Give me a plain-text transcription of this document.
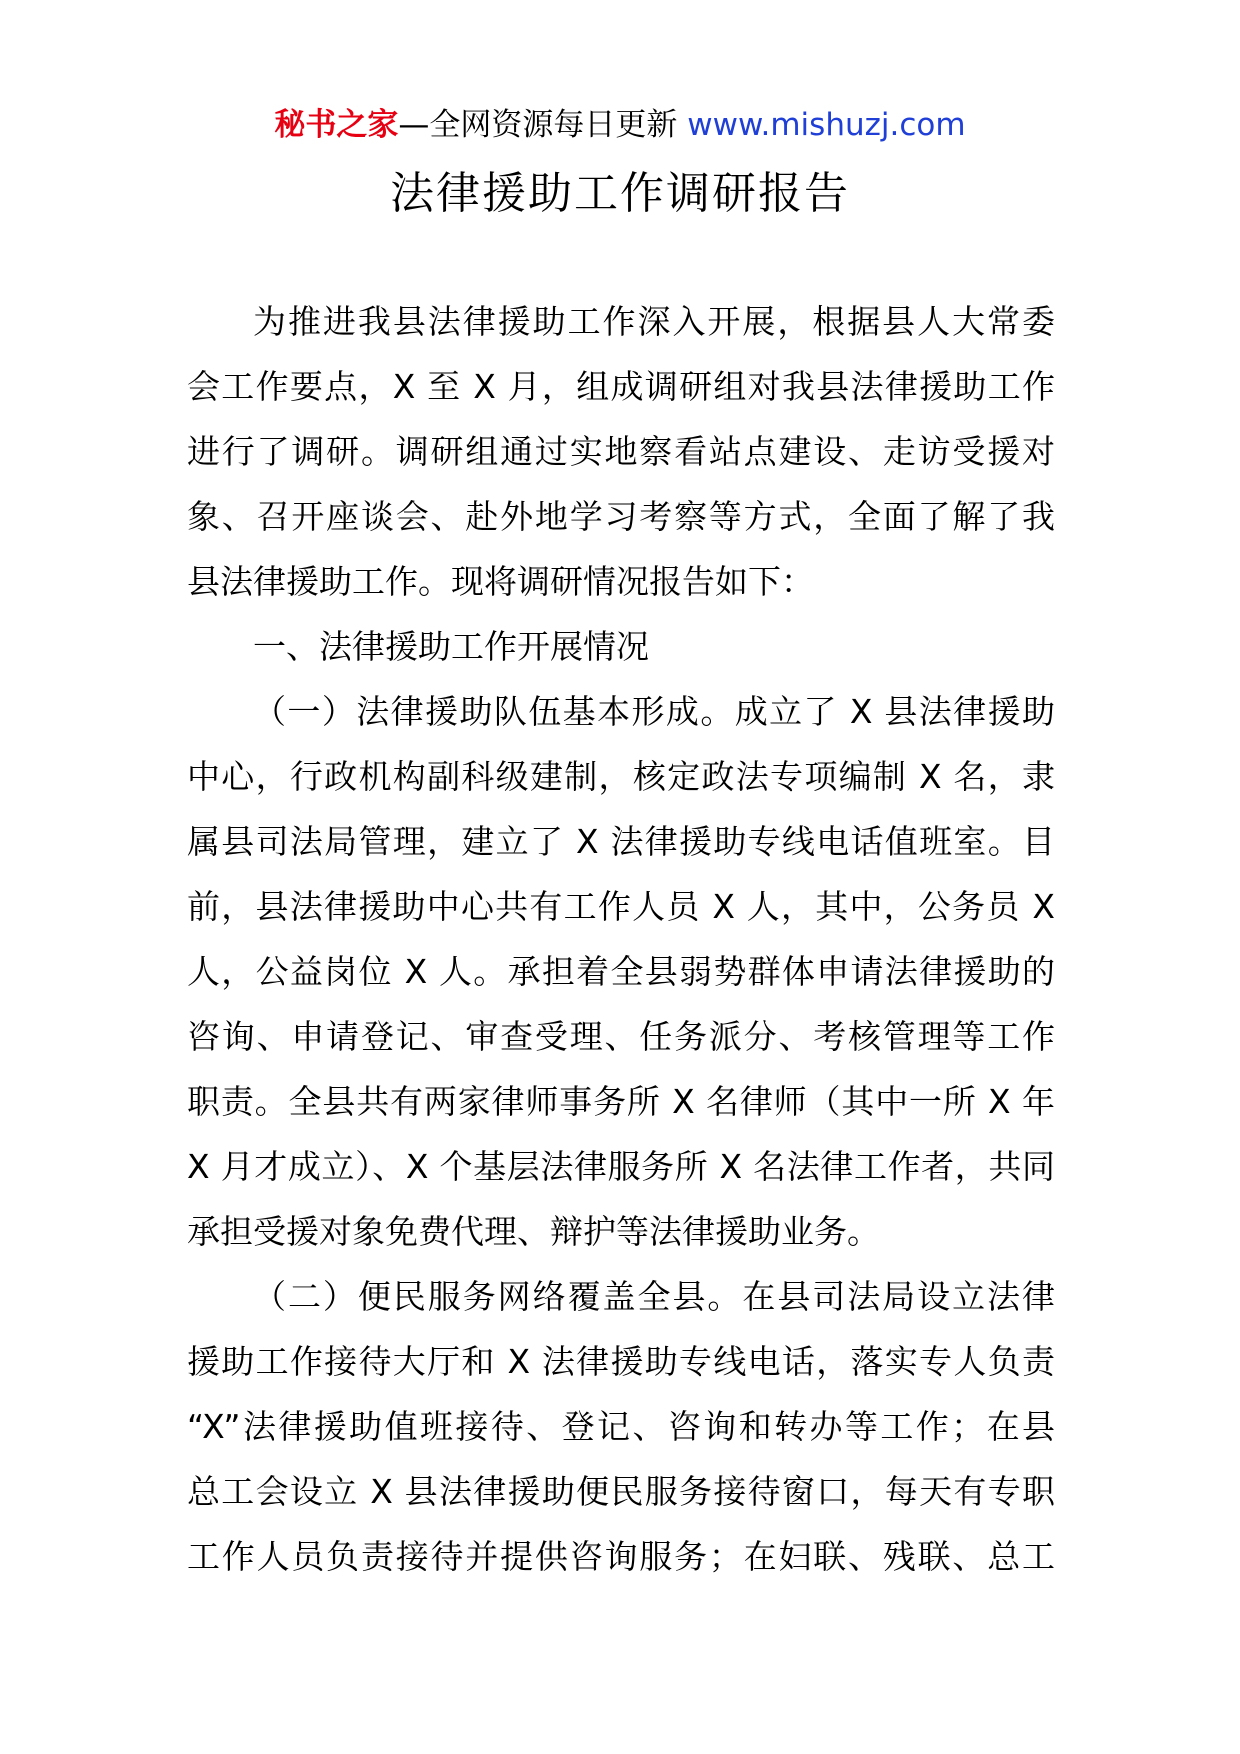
秘书之家—全网资源每日更新 www.mishuzj.com
法律援助工作调研报告
为推进我县法律援助工作深入开展，根据县人大常委
会工作要点，X 至 X 月，组成调研组对我县法律援助工作
进行了调研。调研组通过实地察看站点建设、走访受援对
象、召开座谈会、赴外地学习考察等方式，全面了解了我
县法律援助工作。现将调研情况报告如下：
一、法律援助工作开展情况
（一）法律援助队伍基本形成。成立了 X 县法律援助
中心，行政机构副科级建制，核定政法专项编制 X 名，隶
属县司法局管理，建立了 X 法律援助专线电话值班室。目
前，县法律援助中心共有工作人员 X 人，其中，公务员 X
人，公益岗位 X 人。承担着全县弱势群体申请法律援助的
咨询、申请登记、审查受理、任务派分、考核管理等工作
职责。全县共有两家律师事务所 X 名律师（其中一所 X 年
X 月才成立）、X 个基层法律服务所 X 名法律工作者，共同
承担受援对象免费代理、辩护等法律援助业务。
（二）便民服务网络覆盖全县。在县司法局设立法律
援助工作接待大厅和 X 法律援助专线电话，落实专人负责
“X”法律援助值班接待、登记、咨询和转办等工作；在县
总工会设立 X 县法律援助便民服务接待窗口，每天有专职
工作人员负责接待并提供咨询服务；在妇联、残联、总工
